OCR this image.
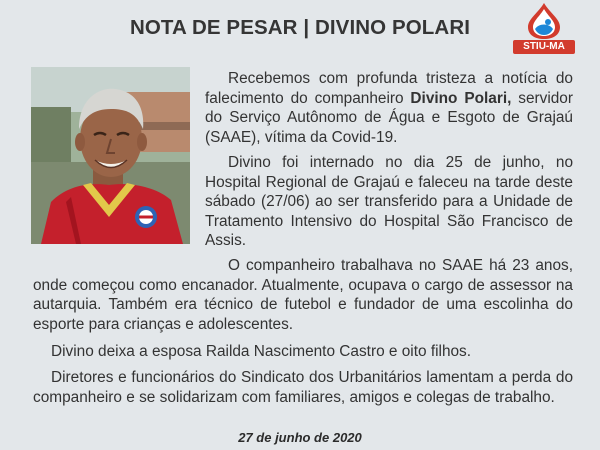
NOTA DE PESAR | DIVINO POLARI
STIU-MA

Recebemos com profunda tristeza a notícia do falecimento do companheiro Divino Polari, servidor do Serviço Autônomo de Água e Esgoto de Grajaú (SAAE), vítima da Covid-19.

Divino foi internado no dia 25 de junho, no Hospital Regional de Grajaú e faleceu na tarde deste sábado (27/06) ao ser transferido para a Unidade de Tratamento Intensivo do Hospital São Francisco de Assis.

O companheiro trabalhava no SAAE há 23 anos, onde começou como encanador. Atualmente, ocupava o cargo de assessor na autarquia. Também era técnico de futebol e fundador de uma escolinha do esporte para crianças e adolescentes.

Divino deixa a esposa Railda Nascimento Castro e oito filhos.

Diretores e funcionários do Sindicato dos Urbanitários lamentam a perda do companheiro e se solidarizam com familiares, amigos e colegas de trabalho.

27 de junho de 2020
